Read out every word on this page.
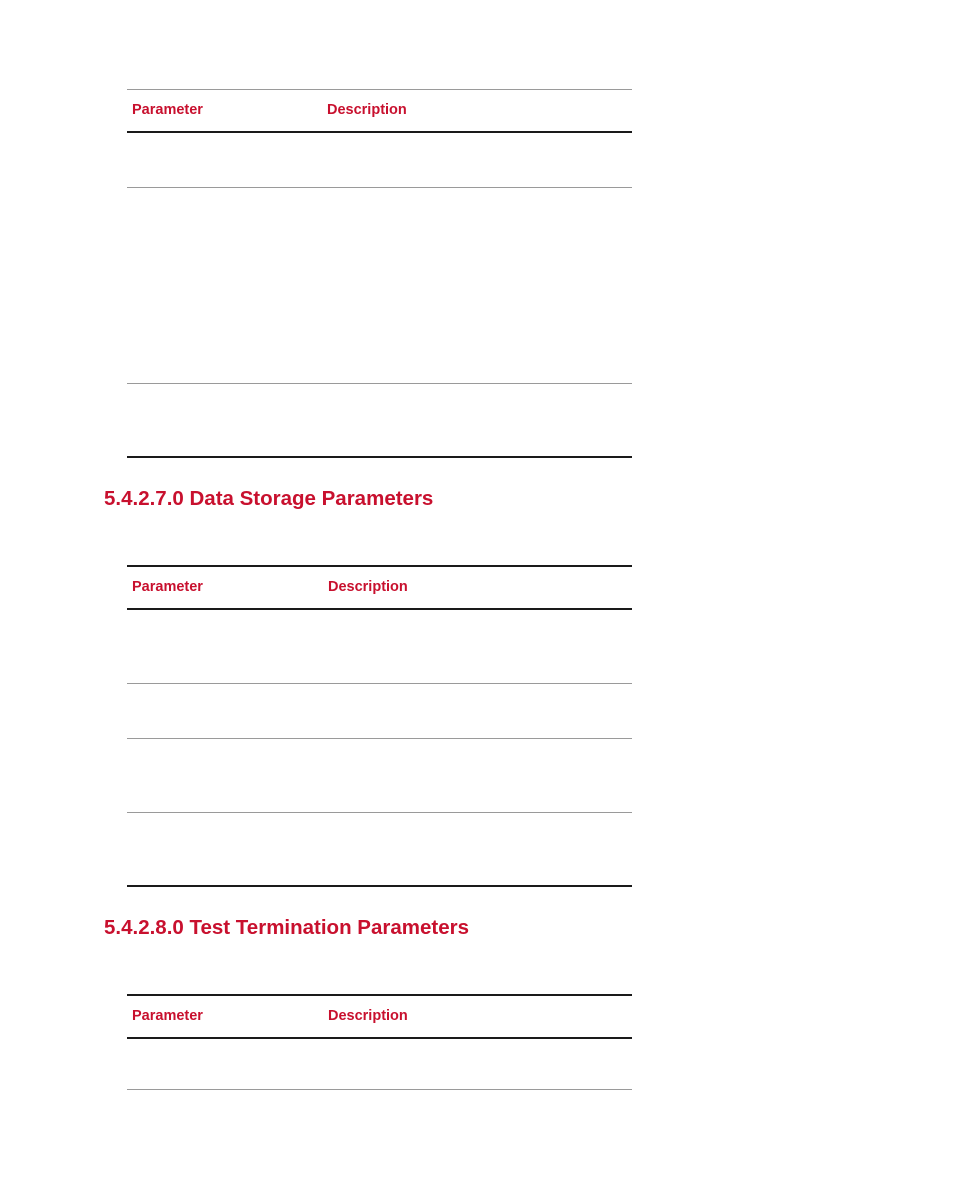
Parameter	Description
5.4.2.7.0 Data Storage Parameters
Parameter	Description
5.4.2.8.0 Test Termination Parameters
Parameter	Description
